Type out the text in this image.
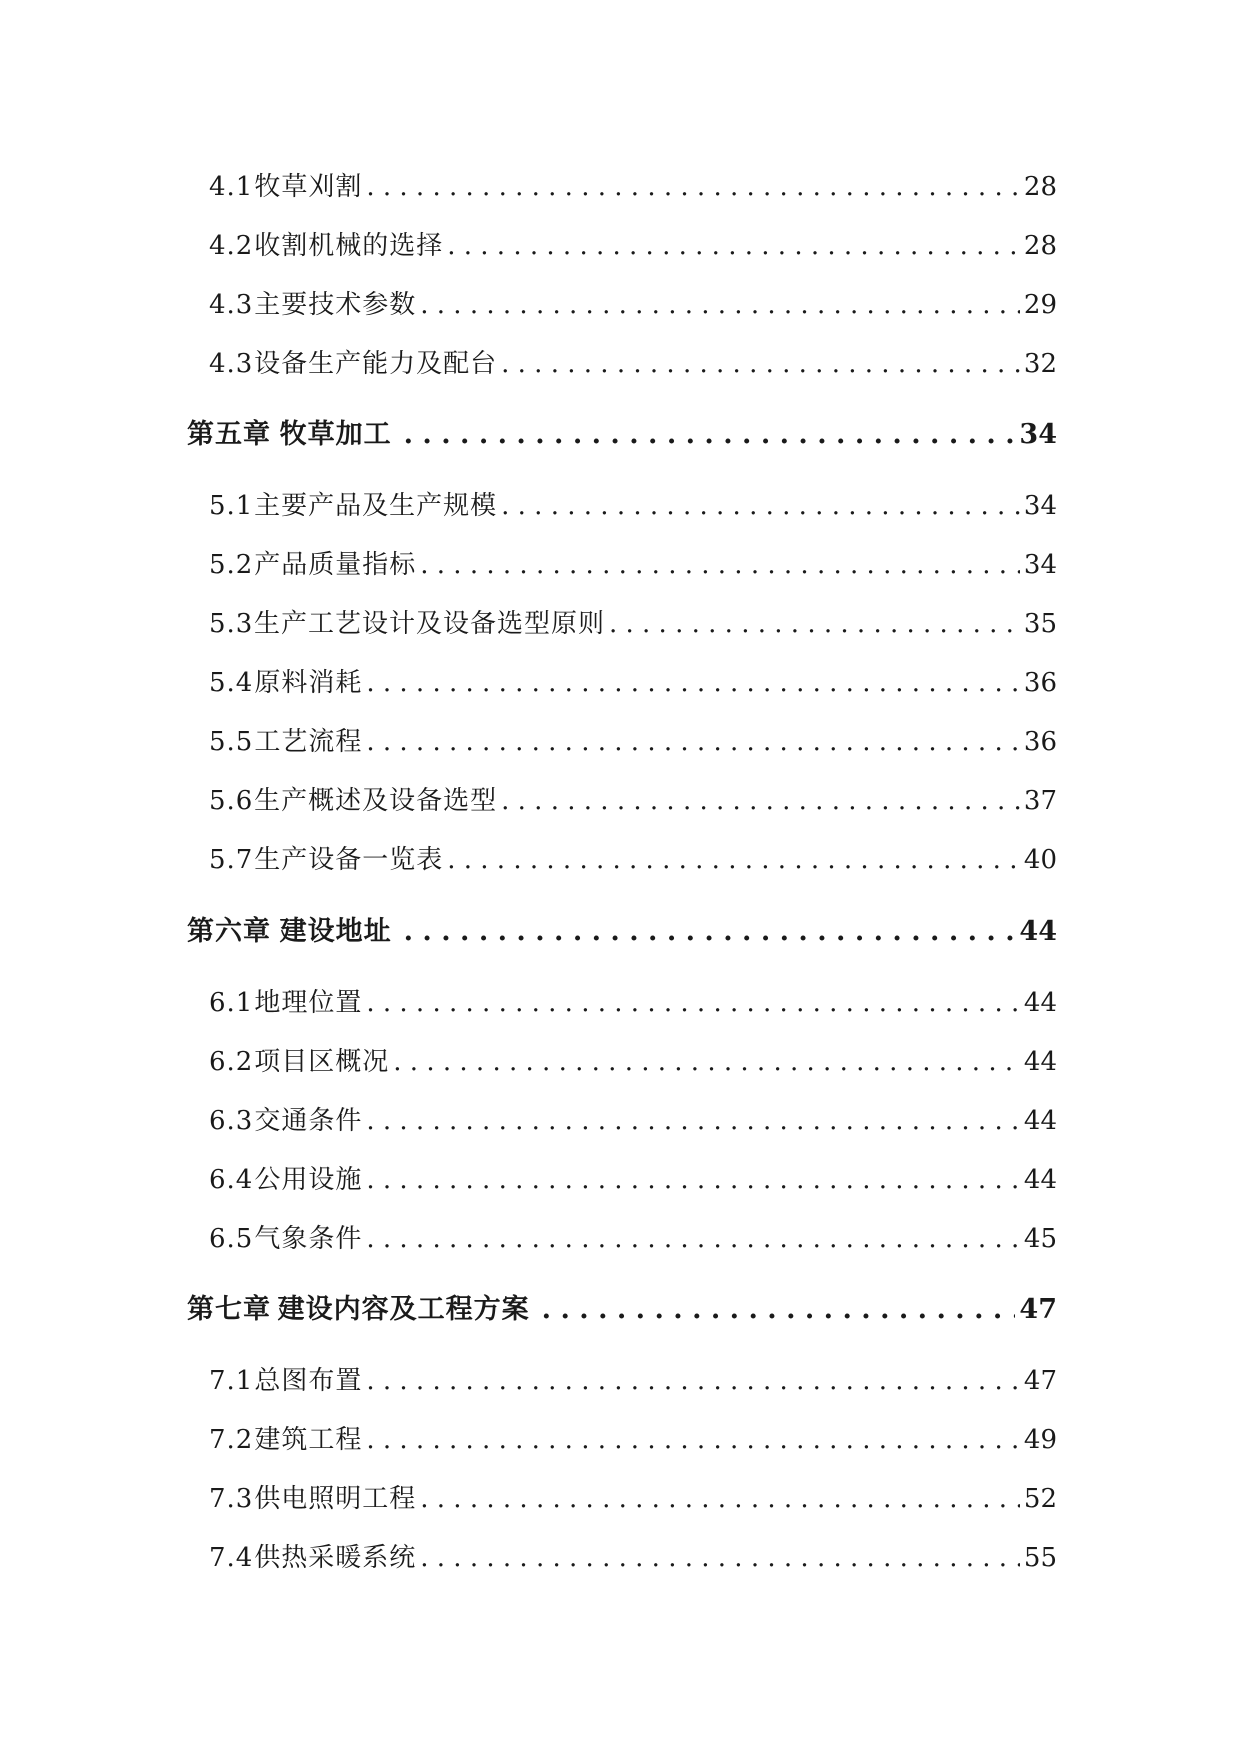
4.1 牧草刈割 . . .	28
4.2 收割机械的选择 . . .	28
4.3 主要技术参数 . . .	29
4.3 设备生产能力及配台 . . .	32
第五章 牧草加工 . . .	34
5.1 主要产品及生产规模 . . .	34
5.2 产品质量指标 . . .	34
5.3 生产工艺设计及设备选型原则 . . .	35
5.4 原料消耗 . . .	36
5.5 工艺流程 . . .	36
5.6 生产概述及设备选型 . . .	37
5.7 生产设备一览表 . . .	40
第六章 建设地址 . . .	44
6.1 地理位置 . . .	44
6.2 项目区概况 . . .	44
6.3 交通条件 . . .	44
6.4 公用设施 . . .	44
6.5 气象条件 . . .	45
第七章 建设内容及工程方案 . . .	47
7.1 总图布置 . . .	47
7.2 建筑工程 . . .	49
7.3 供电照明工程 . . .	52
7.4 供热采暖系统 . . .	55
